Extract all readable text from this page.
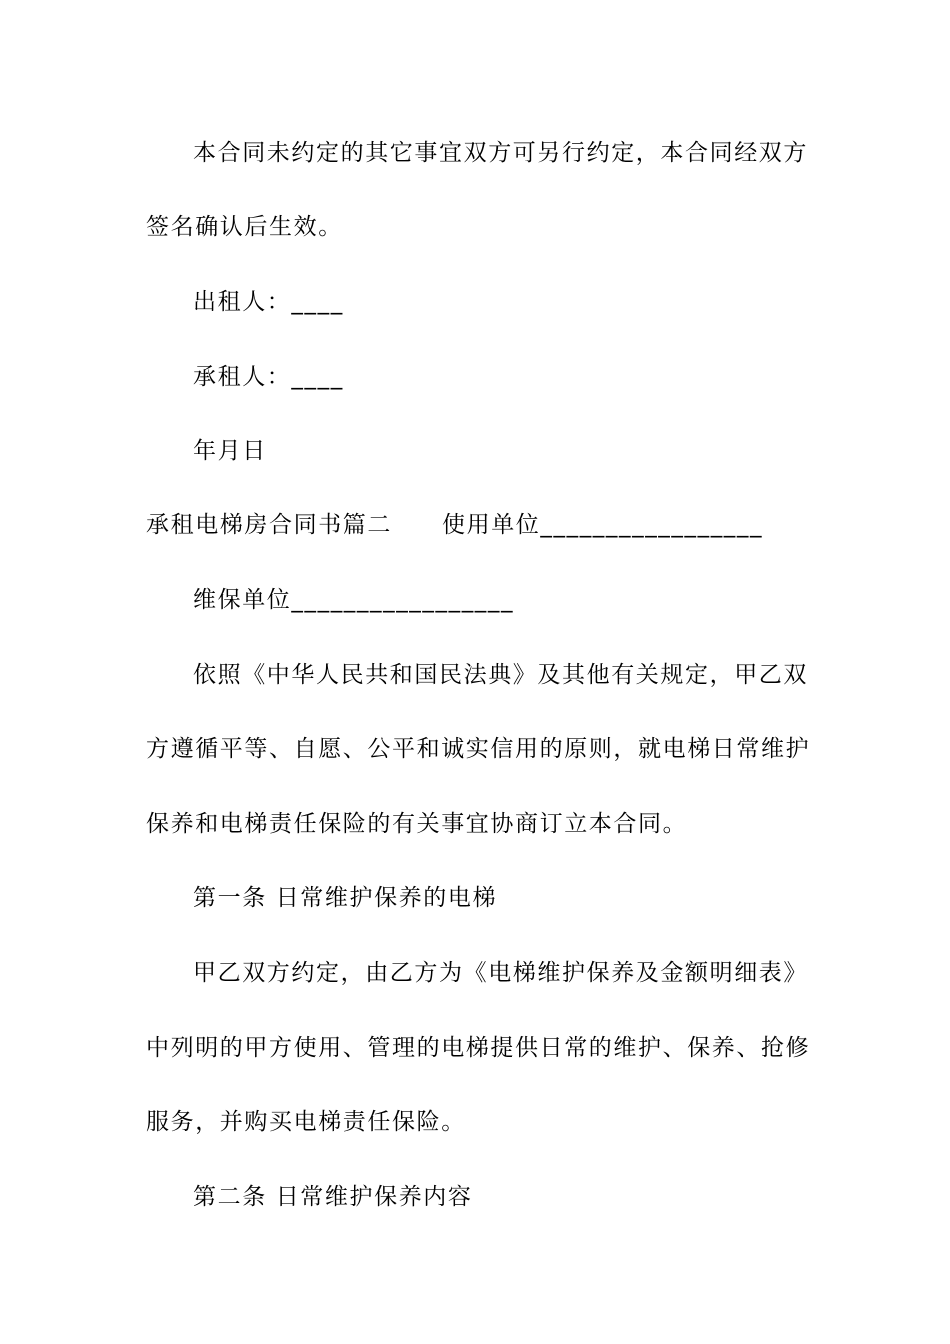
本合同未约定的其它事宜双方可另行约定，本合同经双方
签名确认后生效。
出租人：____
承租人：____
年月日
承租电梯房合同书篇二 使用单位_________________
维保单位_________________
依照《中华人民共和国民法典》及其他有关规定，甲乙双
方遵循平等、自愿、公平和诚实信用的原则，就电梯日常维护
保养和电梯责任保险的有关事宜协商订立本合同。
第一条 日常维护保养的电梯
甲乙双方约定，由乙方为《电梯维护保养及金额明细表》
中列明的甲方使用、管理的电梯提供日常的维护、保养、抢修
服务，并购买电梯责任保险。
第二条 日常维护保养内容
